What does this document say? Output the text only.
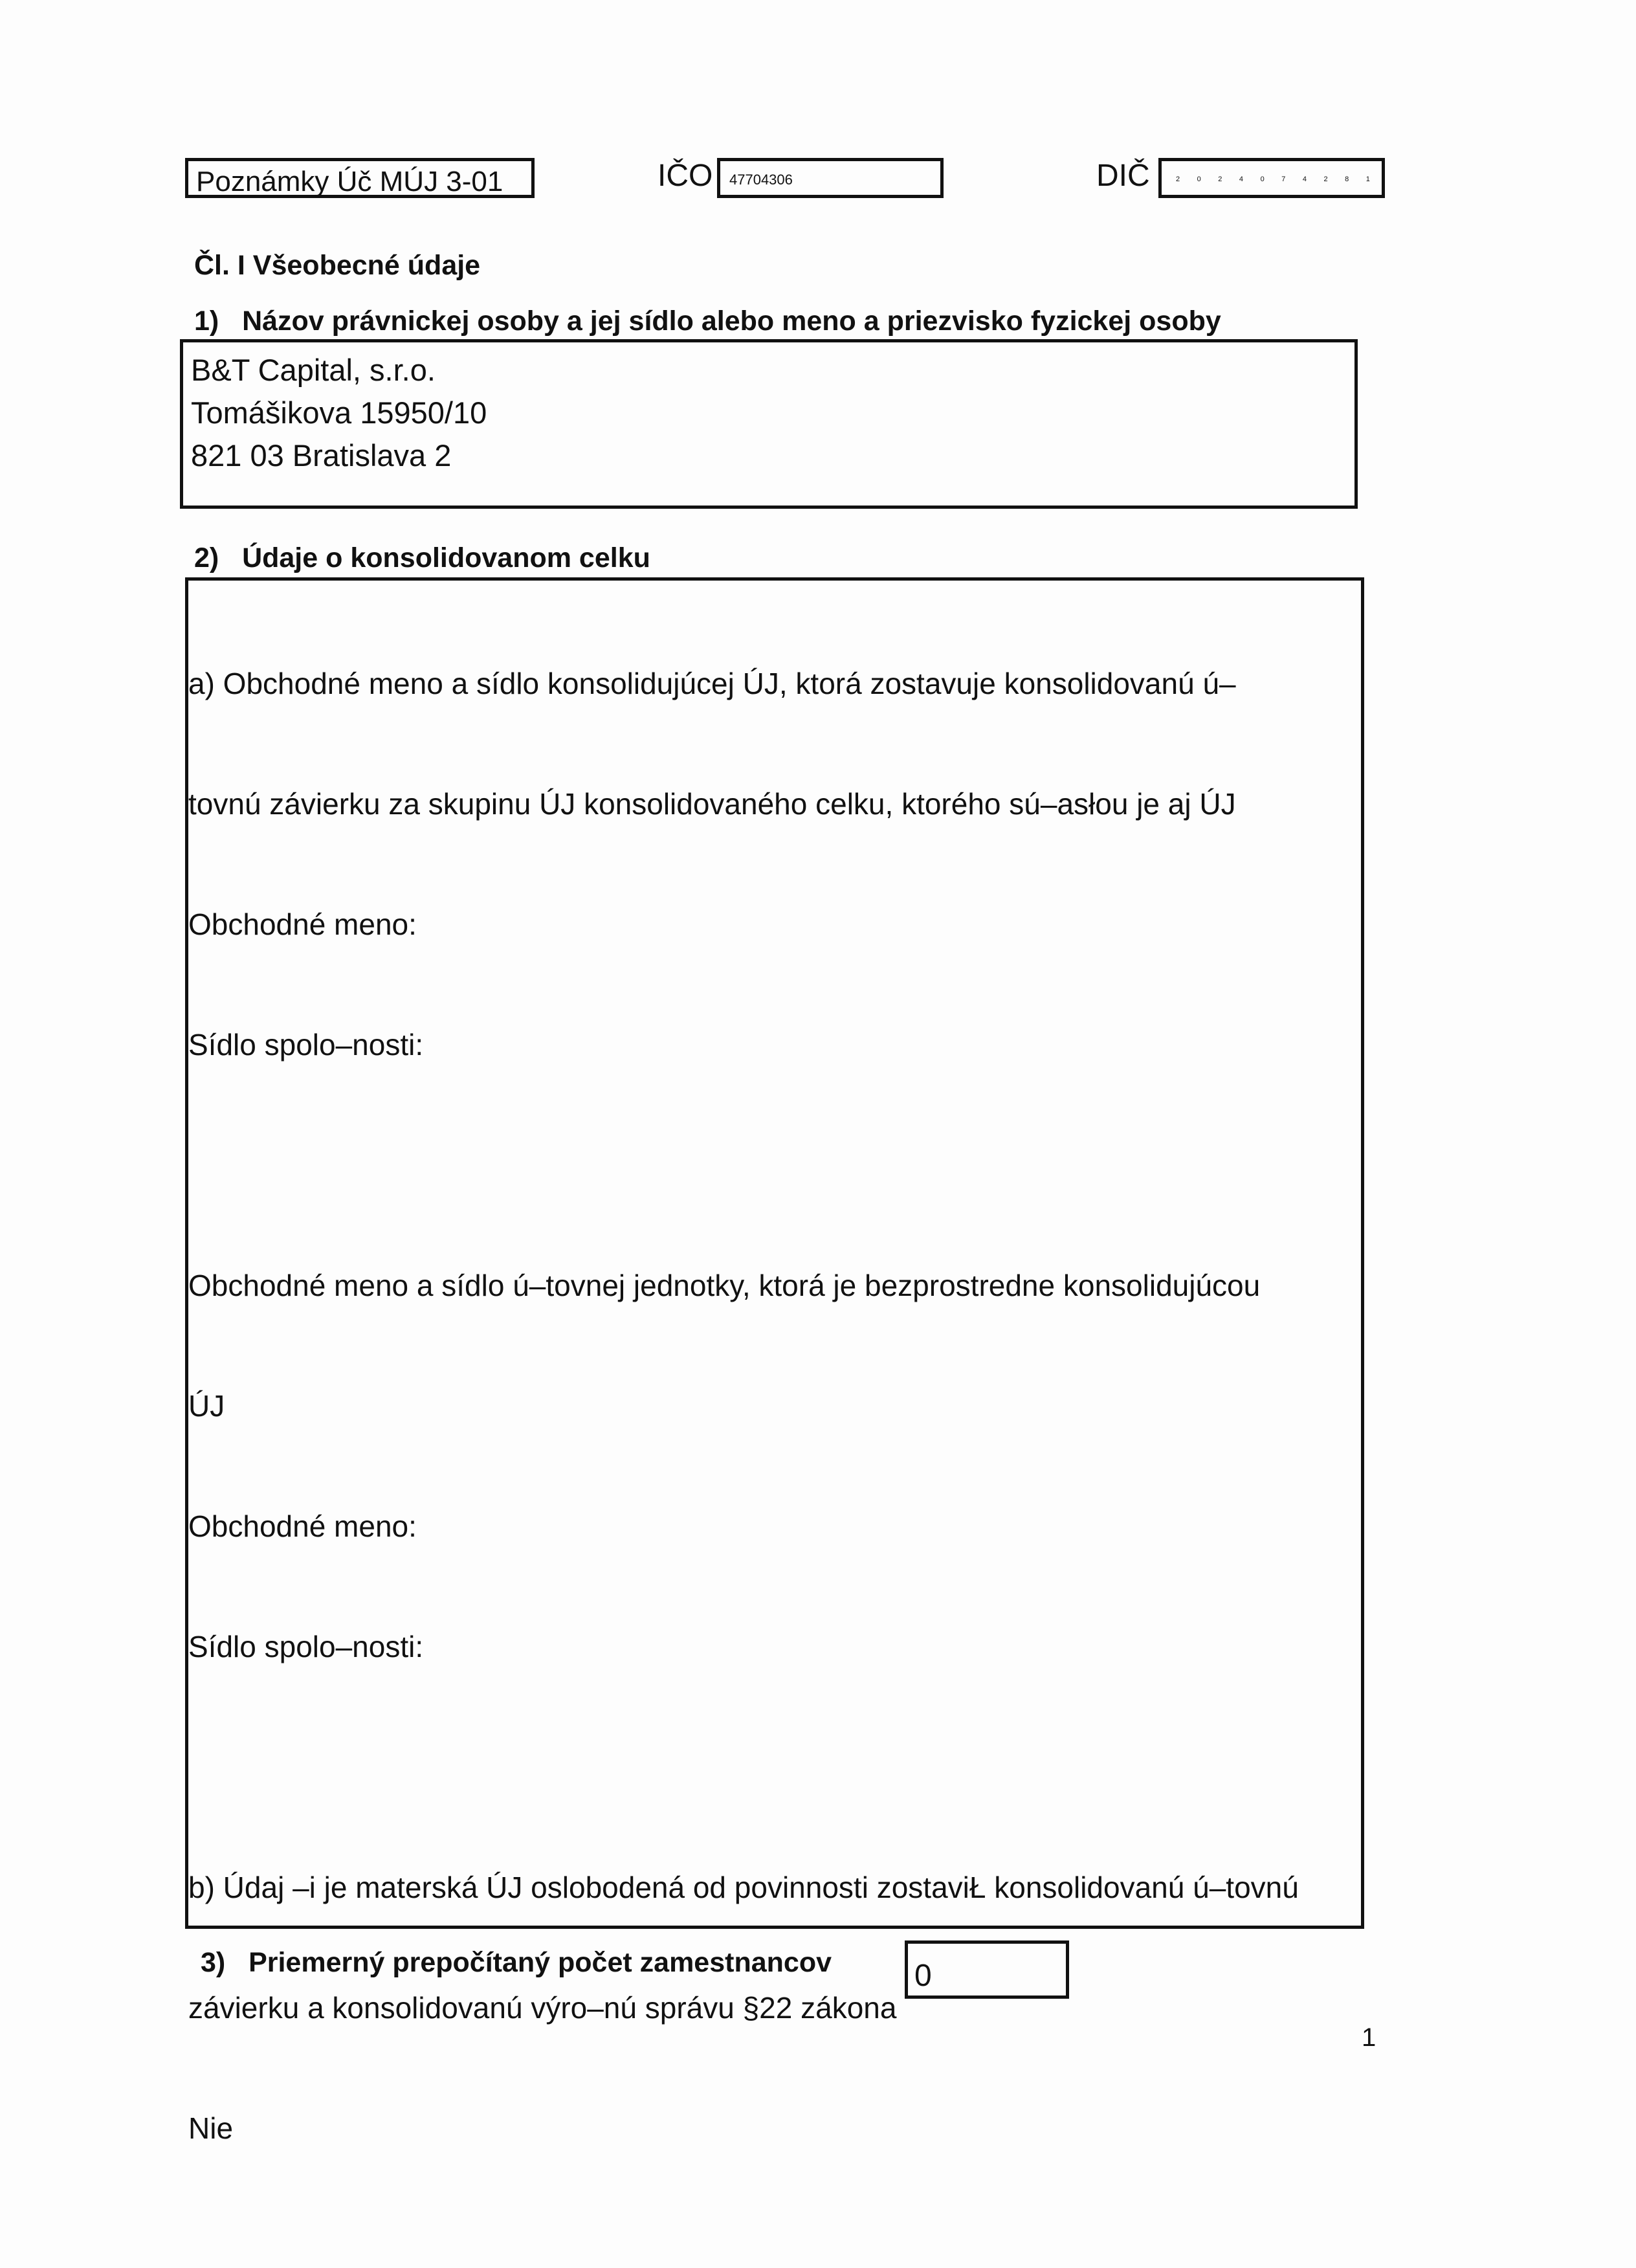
Poznámky Úč MÚJ 3-01	IČO 47704306	DIČ	2 0 2 4 0 7 4 2 8 1
Čl. I Všeobecné údaje
1)   Názov právnickej osoby a jej sídlo alebo meno a priezvisko fyzickej osoby
B&T Capital, s.r.o.
Tomášikova 15950/10
821 03 Bratislava 2
2)   Údaje o konsolidovanom celku

a) Obchodné meno a sídlo konsolidujúcej ÚJ, ktorá zostavuje konsolidovanú ú–

tovnú závierku za skupinu ÚJ konsolidovaného celku, ktorého sú–asłou je aj ÚJ

Obchodné meno:

Sídlo spolo–nosti:

Obchodné meno a sídlo ú–tovnej jednotky, ktorá je bezprostredne konsolidujúcou

ÚJ

Obchodné meno:

Sídlo spolo–nosti:

b) Údaj –i je materská ÚJ oslobodená od povinnosti zostaviŁ konsolidovanú ú–tovnú

závierku a konsolidovanú výro–nú správu §22 zákona

Nie

3)   Priemerný prepočítaný počet zamestnancov	0
1
